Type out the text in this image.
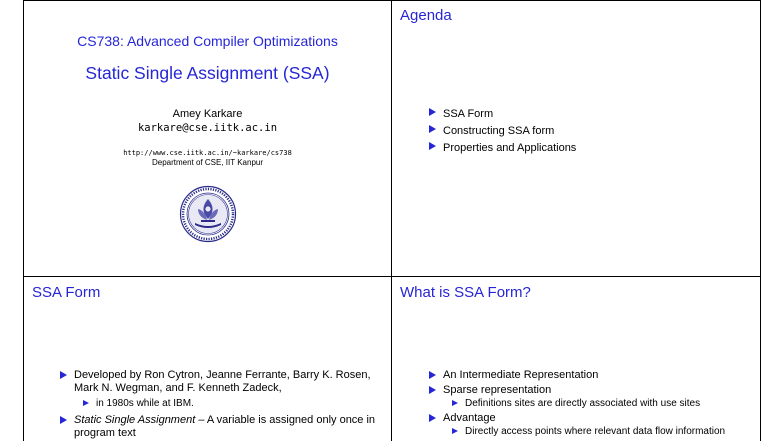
CS738: Advanced Compiler Optimizations
Static Single Assignment (SSA)
Amey Karkare
karkare@cse.iitk.ac.in
http://www.cse.iitk.ac.in/~karkare/cs738
Department of CSE, IIT Kanpur
Agenda
SSA Form
Constructing SSA form
Properties and Applications
SSA Form
Developed by Ron Cytron, Jeanne Ferrante, Barry K. Rosen, Mark N. Wegman, and F. Kenneth Zadeck,
in 1980s while at IBM.
Static Single Assignment – A variable is assigned only once in program text
What is SSA Form?
An Intermediate Representation
Sparse representation
Definitions sites are directly associated with use sites
Advantage
Directly access points where relevant data flow information
